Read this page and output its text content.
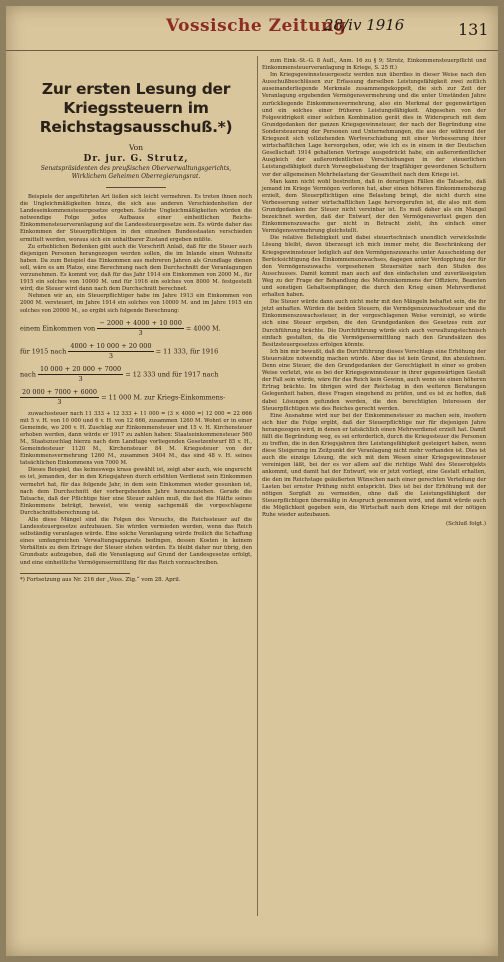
Vossische Zeitung
28/iv 1916	131
Zur ersten Lesung der Kriegssteuern im Reichstagsausschuß.*)
Von
Dr. jur. G. Strutz,
Senatspräsidenten des preußischen Oberverwaltungsgerichts,
Wirklichem Geheimen Oberregierungsrat.

Beispiele der angeführten Art ließen sich leicht vermehren. Es treten ihnen noch die Ungleichmäßigkeiten hinzu, die sich aus anderen Verschiedenheiten der Landeseinkommensteuergesetze ergeben. Solche Ungleichmäßigkeiten würden die notwendige Folge jedes Aufbaues einer einheitlichen Reichs-Einkommensteuerveranlagung auf die Landessteuergesetze sein. Es würde daher das Einkommen der Steuerpflichtigen in den einzelnen Bundesstaaten verschieden ermittelt werden, woraus sich ein unhaltbarer Zustand ergeben müßte.

Zu erheblichen Bedenken gibt auch die Vorschrift Anlaß, daß für die Steuer auch diejenigen Personen herangezogen werden sollen, die im Inlande einen Wohnsitz haben. Da zum Beispiel das Einkommen aus mehreren Jahren als Grundlage dienen soll, wäre es am Platze, eine Berechnung nach dem Durchschnitt der Veranlagungen vorzunehmen. Es kommt vor, daß für das Jahr 1914 ein Einkommen von 2000 M., für 1915 ein solches von 10000 M. und für 1916 ein solches von 8000 M. festgestellt wird; die Steuer wird dann nach dem Durchschnitt berechnet.

Nehmen wir an, ein Steuerpflichtiger habe im Jahre 1913 ein Einkommen von 2000 M. versteuert, im Jahre 1914 ein solches von 10000 M. und im Jahre 1915 ein solches von 20000 M., so ergibt sich folgende Berechnung:

einem Einkommen von $\frac{- 2000 + 4000 + 10 000}{3} = 4000$ M.
für 1915 nach $\frac{4000 + 10 000 + 20 000}{3} = 11$ 333, für 1916
nach $\frac{10 000 + 20 000 + 7000}{3} = 12$ 333 und für 1917 nach
$\frac{20 000 + 7000 + 6000}{3} = 11$ 000 M. zur Kriegs-Einkommens-

zuwachssteuer nach 11 333 + 12 333 + 11 000 = (3 × 4000 =) 12 000 = 22 666 mit 5 v. H. von 10 000 und 6 v. H. von 12 666, zusammen 1260 M. Wohnt er in einer Gemeinde, wo 200 v. H. Zuschlag zur Einkommensteuer und 15 v. H. Kirchensteuer erhoben werden, dann würde er 1917 zu zahlen haben: Staatseinkommensteuer 560 M., Staatszuschlag hierzu nach dem Landtage vorliegenden Gesetzentwurf 85 v. H., Gemeindesteuer 1120 M., Kirchensteuer 84 M. Kriegssteuer von der Einkommensvermehrung 1260 M., zusammen 3404 M., das sind 48 v. H. seines tatsächlichen Einkommens von 7000 M.

Dieses Beispiel, das keineswegs krass gewählt ist, zeigt aber auch, wie ungerecht es ist, jemanden, der in den Kriegsjahren durch erhöhten Verdienst sein Einkommen vermehrt hat, für das folgende Jahr, in dem sein Einkommen wieder gesunken ist, nach dem Durchschnitt der vorhergehenden Jahre heranzuziehen. Gerade die Tatsache, daß der Pflichtige hier eine Steuer zahlen muß, die fast die Hälfte seines Einkommens beträgt, beweist, wie wenig sachgemäß die vorgeschlagene Durchschnittsberechnung ist.

Alle diese Mängel sind die Folgen des Versuchs, die Reichssteuer auf die Landessteuergesetze aufzubauen. Sie würden vermieden werden, wenn das Reich selbständig veranlagen würde. Eine solche Veranlagung würde freilich die Schaffung eines umfangreichen Verwaltungsapparats bedingen, dessen Kosten in keinem Verhältnis zu dem Ertrage der Steuer stehen würden. Es bleibt daher nur übrig, den Grundsatz aufzugeben, daß die Veranlagung auf Grund der Landesgesetze erfolgt, und eine einheitliche Vermögensermittlung für das Reich vorzuschreiben.

*) Fortsetzung aus Nr. 216 der „Voss. Ztg.“ vom 28. April.

zum Eink.-St.-G. 8 Aufl., Anm. 16 zu § 9; Strutz, Einkommensteuerpflicht und Einkommensteuerveranlagung in Kriege, S. 25 ff.)

Im Kriegsgewinnsteuergesetz werden nun überdies in dieser Weise nach den Ausschußbeschlüssen zur Erfassung derselben Leistungsfähigkeit zwei zeitlich auseinanderliegende Merkmale zusammengekoppelt, die sich zur Zeit der Veranlagung ergebenden Vermögensvermehrung und die unter Umständen Jahre zurückliegende Einkommensvermehrung, also ein Merkmal der gegenwärtigen und ein solches einer früheren Leistungsfähigkeit. Abgesehen von der Folgewidrigkeit einer solchen Kombination gerät dies in Widerspruch mit dem Grundgedanken der ganzen Kriegsgewinnsteuer, der nach der Begründung eine Sondersteuerung der Personen und Unternehmungen, die aus der während der Kriegszeit sich vollziehenden Wertverschiebung mit einer Verbesserung ihrer wirtschaftlichen Lage hervorgehen, oder, wie ich es in einem in der Deutschen Gesellschaft 1914 gehaltenen Vortrage ausgedrückt habe, ein außerordentlicher Ausgleich der außerordentlichen Verschiebungen in der steuerlichen Leistungsfähigkeit durch Vorwegbelastung der tragfähiger gewordenen Schultern vor der allgemeinen Mehrbelastung der Gesamtheit nach dem Kriege ist.

Man kann nicht wohl bestreiten, daß in derartigen Fällen die Tatsache, daß jemand im Kriege Vermögen verloren hat, aber einen höheren Einkommensbezug erzielt, dem Steuerpflichtigen eine Belastung bringt, die nicht durch eine Verbesserung seiner wirtschaftlichen Lage hervorgerufen ist, die also mit dem Grundgedanken der Steuer nicht vereinbar ist. Es muß daher als ein Mangel bezeichnet werden, daß der Entwurf, der den Vermögensverlust gegen den Einkommenszuwachs gar nicht in Betracht zieht, ihn einfach einer Vermögensvermehrung gleichstellt.

Die relative Beliebigkeit und dabei steuertechnisch unendlich verwickelnde Lösung bleibt, davon überzeugt ich mich immer mehr, die Beschränkung der Kriegsgewinnsteuer lediglich auf den Vermögenszuwachs unter Ausscheidung der Berücksichtigung des Einkommenszuwachses, dagegen unter Verdopplung der für den Vermögenszuwachs vorgesehenen Steuersätze nach den Stufen des Ausschusses. Damit kommt man auch auf den einfachsten und zuverlässigsten Weg zu der Frage der Behandlung des Mehreinkommens der Offiziere, Beamten und sonstigen Gehaltsempfänger, die durch den Krieg einen Mehrverdienst erhalten haben.

Die Steuer würde dann auch nicht mehr mit den Mängeln behaftet sein, die ihr jetzt anhaften. Würden die beiden Steuern, die Vermögenszuwachssteuer und die Einkommenszuwachssteuer, in der vorgeschlagenen Weise vereinigt, so würde sich eine Steuer ergeben, die den Grundgedanken des Gesetzes rein zur Durchführung brächte. Die Durchführung würde sich auch verwaltungstechnisch einfach gestalten, da die Vermögensermittlung nach den Grundsätzen des Besitzsteuergesetzes erfolgen könnte.

Ich bin mir bewußt, daß die Durchführung dieses Vorschlags eine Erhöhung der Steuersätze notwendig machen würde. Aber das ist kein Grund, ihn abzulehnen. Denn eine Steuer, die den Grundgedanken der Gerechtigkeit in einer so groben Weise verletzt, wie es bei der Kriegsgewinnsteuer in ihrer gegenwärtigen Gestalt der Fall sein würde, wäre für das Reich kein Gewinn, auch wenn sie einen höheren Ertrag brächte. Im übrigen wird der Reichstag in den weiteren Beratungen Gelegenheit haben, diese Fragen eingehend zu prüfen, und es ist zu hoffen, daß dabei Lösungen gefunden werden, die den berechtigten Interessen der Steuerpflichtigen wie des Reiches gerecht werden.

Eine Ausnahme wird nur bei der Einkommensteuer zu machen sein, insofern sich hier die Folge ergibt, daß der Steuerpflichtige nur für diejenigen Jahre herangezogen wird, in denen er tatsächlich einen Mehrverdienst erzielt hat. Damit fällt die Begründung weg, es sei erforderlich, durch die Kriegssteuer die Personen zu treffen, die in den Kriegsjahren ihre Leistungsfähigkeit gesteigert haben, wenn diese Steigerung im Zeitpunkt der Veranlagung nicht mehr vorhanden ist. Dies ist auch die einzige Lösung, die sich mit dem Wesen einer Kriegsgewinnsteuer vereinigen läßt, bei der es vor allem auf die richtige Wahl des Steuerobjekts ankommt, und damit hat der Entwurf, wie er jetzt vorliegt, eine Gestalt erhalten, die den im Reichstage geäußerten Wünschen nach einer gerechten Verteilung der Lasten bei ernster Prüfung nicht entspricht. Dies ist bei der Erhöhung mit der nötigen Sorgfalt zu vermeiden, ohne daß die Leistungsfähigkeit der Steuerpflichtigen übermäßig in Anspruch genommen wird, und damit würde auch die Möglichkeit gegeben sein, die Wirtschaft nach dem Kriege mit der nötigen Ruhe wieder aufzubauen.

(Schluß folgt.)
